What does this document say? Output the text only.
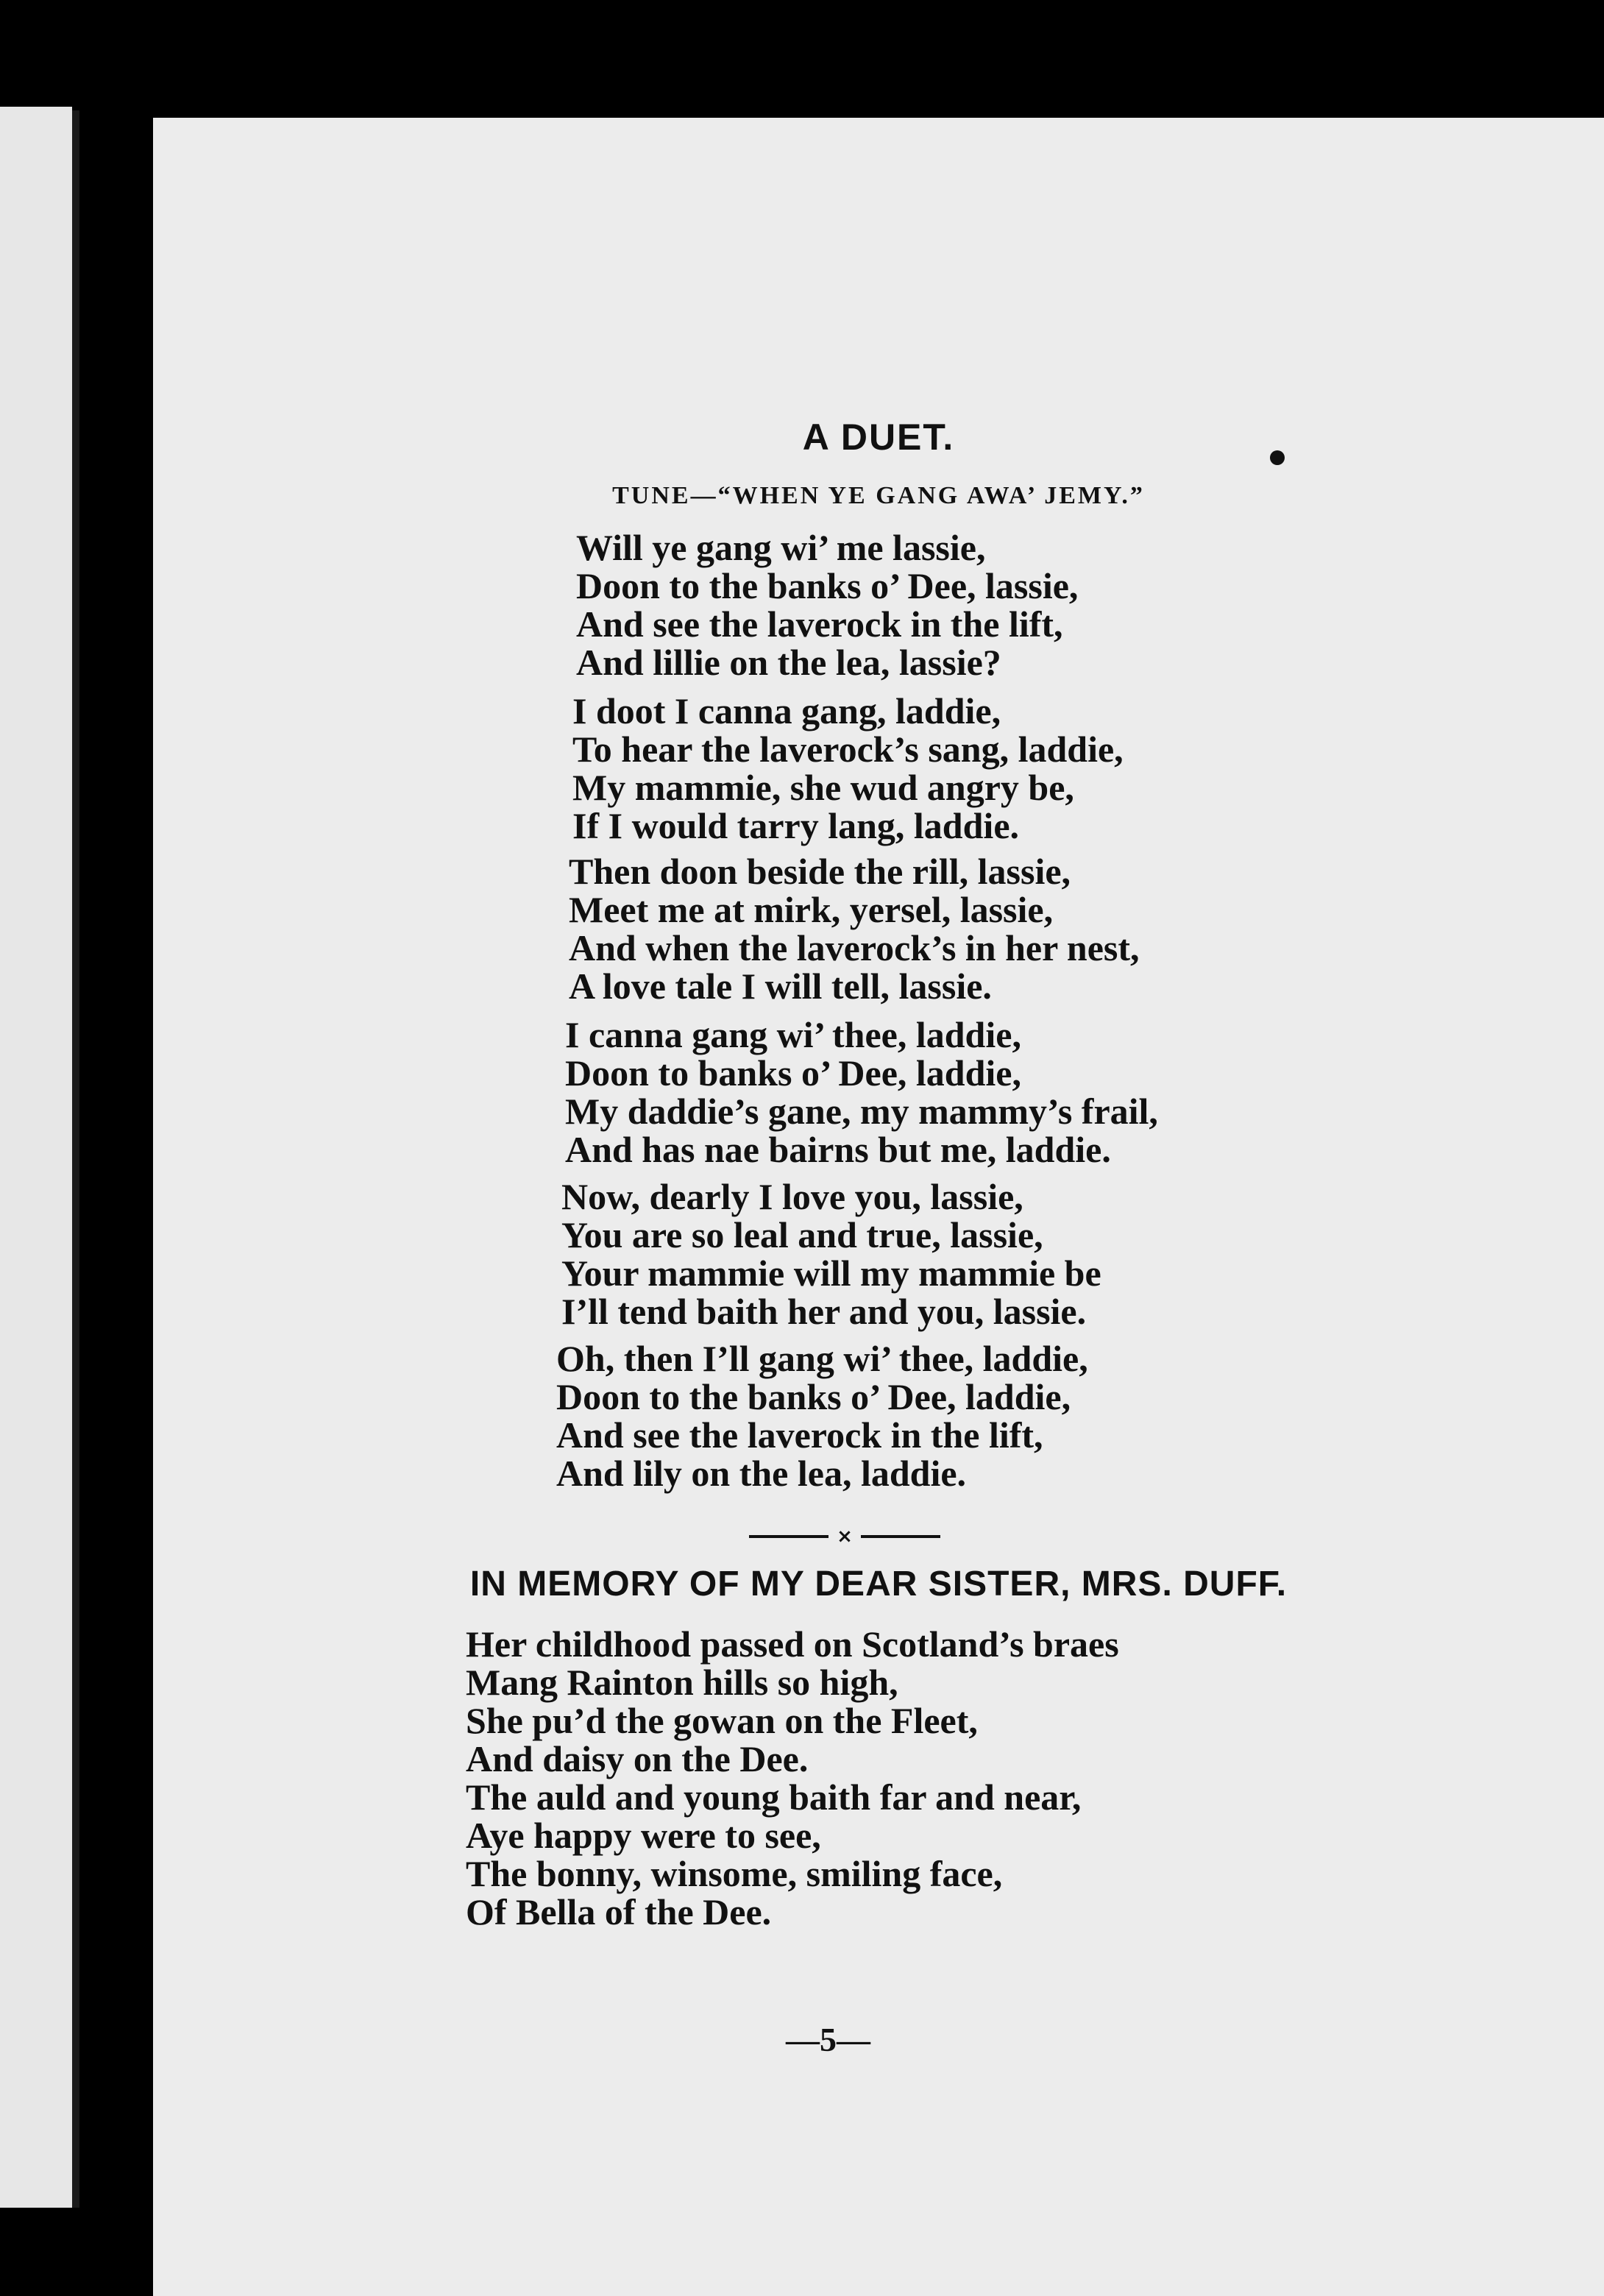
A DUET.
TUNE—“WHEN YE GANG AWA’ JEMY.”
Will ye gang wi’ me lassie,
Doon to the banks o’ Dee, lassie,
And see the laverock in the lift,
And lillie on the lea, lassie?
I doot I canna gang, laddie,
To hear the laverock’s sang, laddie,
My mammie, she wud angry be,
If I would tarry lang, laddie.
Then doon beside the rill, lassie,
Meet me at mirk, yersel, lassie,
And when the laverock’s in her nest,
A love tale I will tell, lassie.
I canna gang wi’ thee, laddie,
Doon to banks o’ Dee, laddie,
My daddie’s gane, my mammy’s frail,
And has nae bairns but me, laddie.
Now, dearly I love you, lassie,
You are so leal and true, lassie,
Your mammie will my mammie be
I’ll tend baith her and you, lassie.
Oh, then I’ll gang wi’ thee, laddie,
Doon to the banks o’ Dee, laddie,
And see the laverock in the lift,
And lily on the lea, laddie.
×
IN MEMORY OF MY DEAR SISTER, MRS. DUFF.
Her childhood passed on Scotland’s braes
Mang Rainton hills so high,
She pu’d the gowan on the Fleet,
And daisy on the Dee.
The auld and young baith far and near,
Aye happy were to see,
The bonny, winsome, smiling face,
Of Bella of the Dee.
—5—
